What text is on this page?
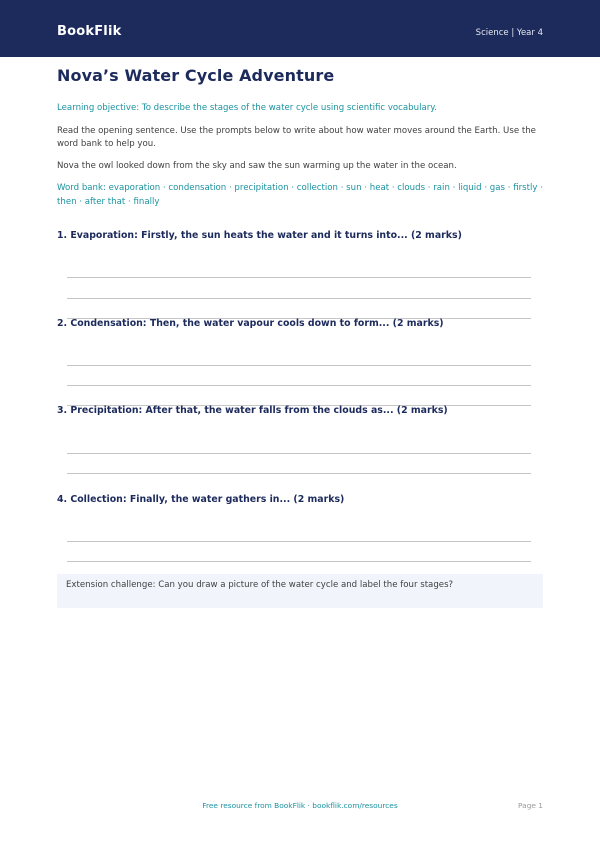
BookFlik	Science | Year 4
Nova’s Water Cycle Adventure
Learning objective: To describe the stages of the water cycle using scientific vocabulary.
Read the opening sentence. Use the prompts below to write about how water moves around the Earth. Use the word bank to help you.
Nova the owl looked down from the sky and saw the sun warming up the water in the ocean.
Word bank: evaporation · condensation · precipitation · collection · sun · heat · clouds · rain · liquid · gas · firstly · then · after that · finally
1. Evaporation: Firstly, the sun heats the water and it turns into... (2 marks)
2. Condensation: Then, the water vapour cools down to form... (2 marks)
3. Precipitation: After that, the water falls from the clouds as... (2 marks)
4. Collection: Finally, the water gathers in... (2 marks)
Extension challenge: Can you draw a picture of the water cycle and label the four stages?
Free resource from BookFlik · bookflik.com/resources	Page 1
